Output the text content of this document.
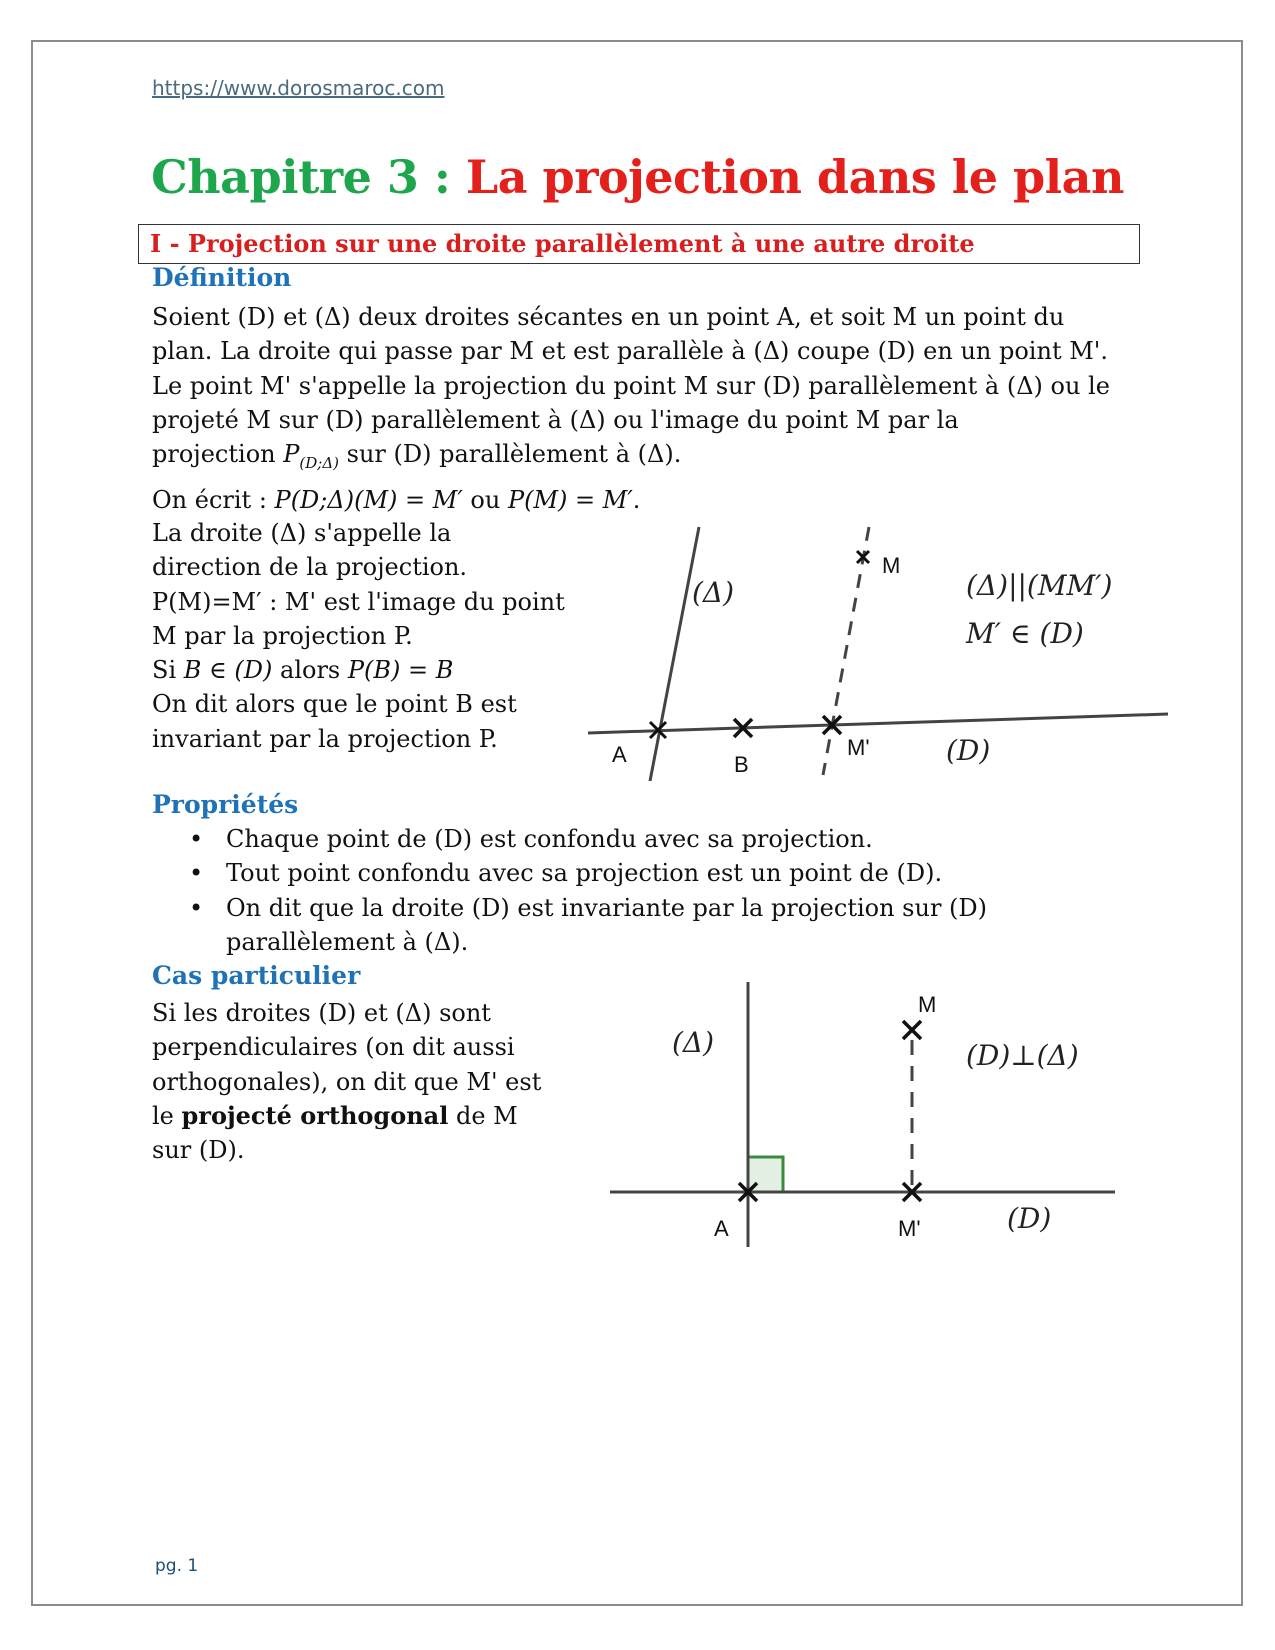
https://www.dorosmaroc.com
Chapitre 3 : La projection dans le plan
I - Projection sur une droite parallèlement à une autre droite
Définition
Soient (D) et (Δ) deux droites sécantes en un point A, et soit M un point du
plan. La droite qui passe par M et est parallèle à (Δ) coupe (D) en un point M'.
Le point M' s'appelle la projection du point M sur (D) parallèlement à (Δ) ou le
projeté M sur (D) parallèlement à (Δ) ou l'image du point M par la
projection $P_{(D;\Delta)}$ sur (D) parallèlement à (Δ).
On écrit : P(D;Δ)(M) = M′ ou P(M) = M′.
La droite (Δ) s'appelle la
direction de la projection.
P(M)=M′ : M' est l'image du point
M par la projection P.
Si B ∈ (D) alors P(B) = B
On dit alors que le point B est
invariant par la projection P.
(Δ)
M
A	B
M'	(D)
(Δ)||(MM′)
M′ ∈ (D)
Propriétés
• Chaque point de (D) est confondu avec sa projection.
• Tout point confondu avec sa projection est un point de (D).
• On dit que la droite (D) est invariante par la projection sur (D)
parallèlement à (Δ).
Cas particulier
Si les droites (D) et (Δ) sont
perpendiculaires (on dit aussi
orthogonales), on dit que M' est
le projecté orthogonal de M
sur (D).
(Δ)
M
A	M'	(D)
(D)⊥(Δ)
pg. 1
